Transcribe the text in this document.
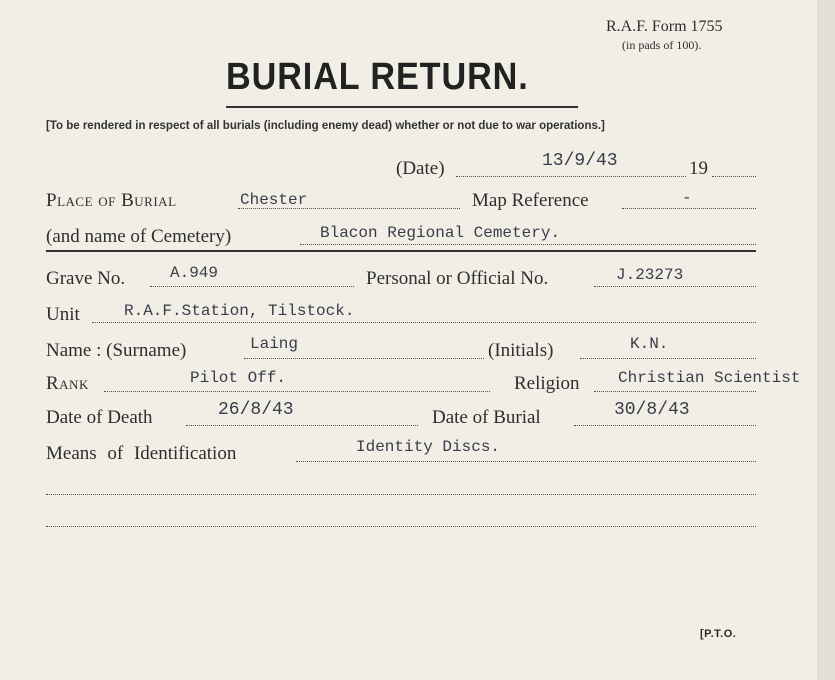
R.A.F. Form 1755
(in pads of 100).
BURIAL RETURN.
[To be rendered in respect of all burials (including enemy dead) whether or not due to war operations.]
(Date)	13/9/43	19
Place of Burial	Chester	Map Reference	-
(and name of Cemetery)	Blacon Regional Cemetery.
Grave No.	A.949	Personal or Official No.	J.23273
Unit	R.A.F.Station, Tilstock.
Name : (Surname)	Laing	(Initials)	K.N.
Rank	Pilot Off.	Religion Christian Scientist
Date of Death	26/8/43	Date of Burial	30/8/43
Means of Identification	Identity Discs.
[P.T.O.
